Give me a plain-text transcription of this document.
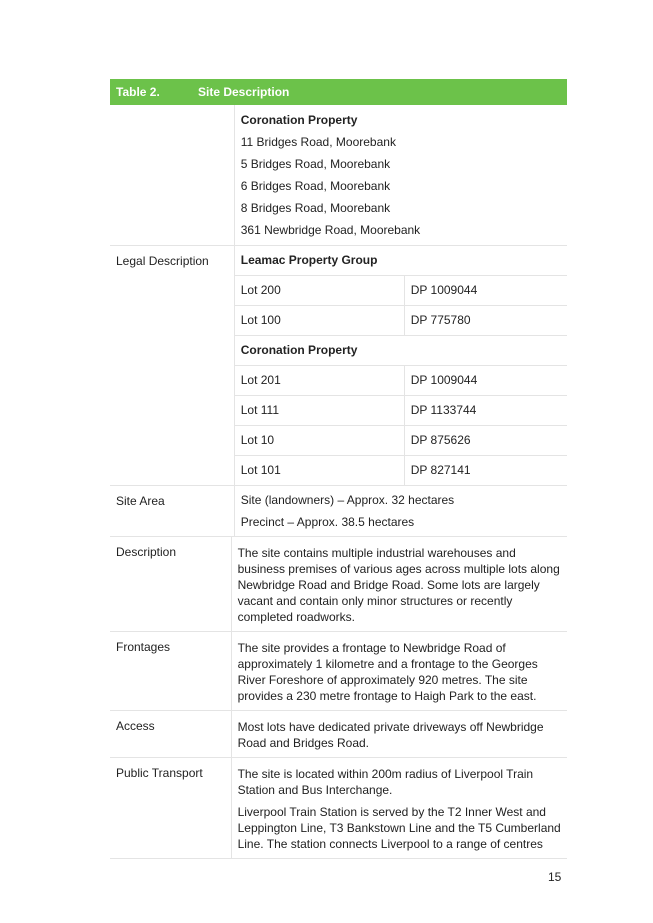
Table 2.	Site Description
Coronation Property
11 Bridges Road, Moorebank
5 Bridges Road, Moorebank
6 Bridges Road, Moorebank
8 Bridges Road, Moorebank
361 Newbridge Road, Moorebank
Legal Description	Leamac Property Group
Lot 200	DP 1009044
Lot 100	DP 775780
Coronation Property
Lot 201	DP 1009044
Lot 111	DP 1133744
Lot 10	DP 875626
Lot 101	DP 827141
Site Area	Site (landowners) – Approx. 32 hectares
Precinct – Approx. 38.5 hectares
Description	The site contains multiple industrial warehouses and business premises of various ages across multiple lots along Newbridge Road and Bridge Road. Some lots are largely vacant and contain only minor structures or recently completed roadworks.
Frontages	The site provides a frontage to Newbridge Road of approximately 1 kilometre and a frontage to the Georges River Foreshore of approximately 920 metres. The site provides a 230 metre frontage to Haigh Park to the east.
Access	Most lots have dedicated private driveways off Newbridge Road and Bridges Road.
Public Transport	The site is located within 200m radius of Liverpool Train Station and Bus Interchange.

Liverpool Train Station is served by the T2 Inner West and Leppington Line, T3 Bankstown Line and the T5 Cumberland Line. The station connects Liverpool to a range of centres

15
